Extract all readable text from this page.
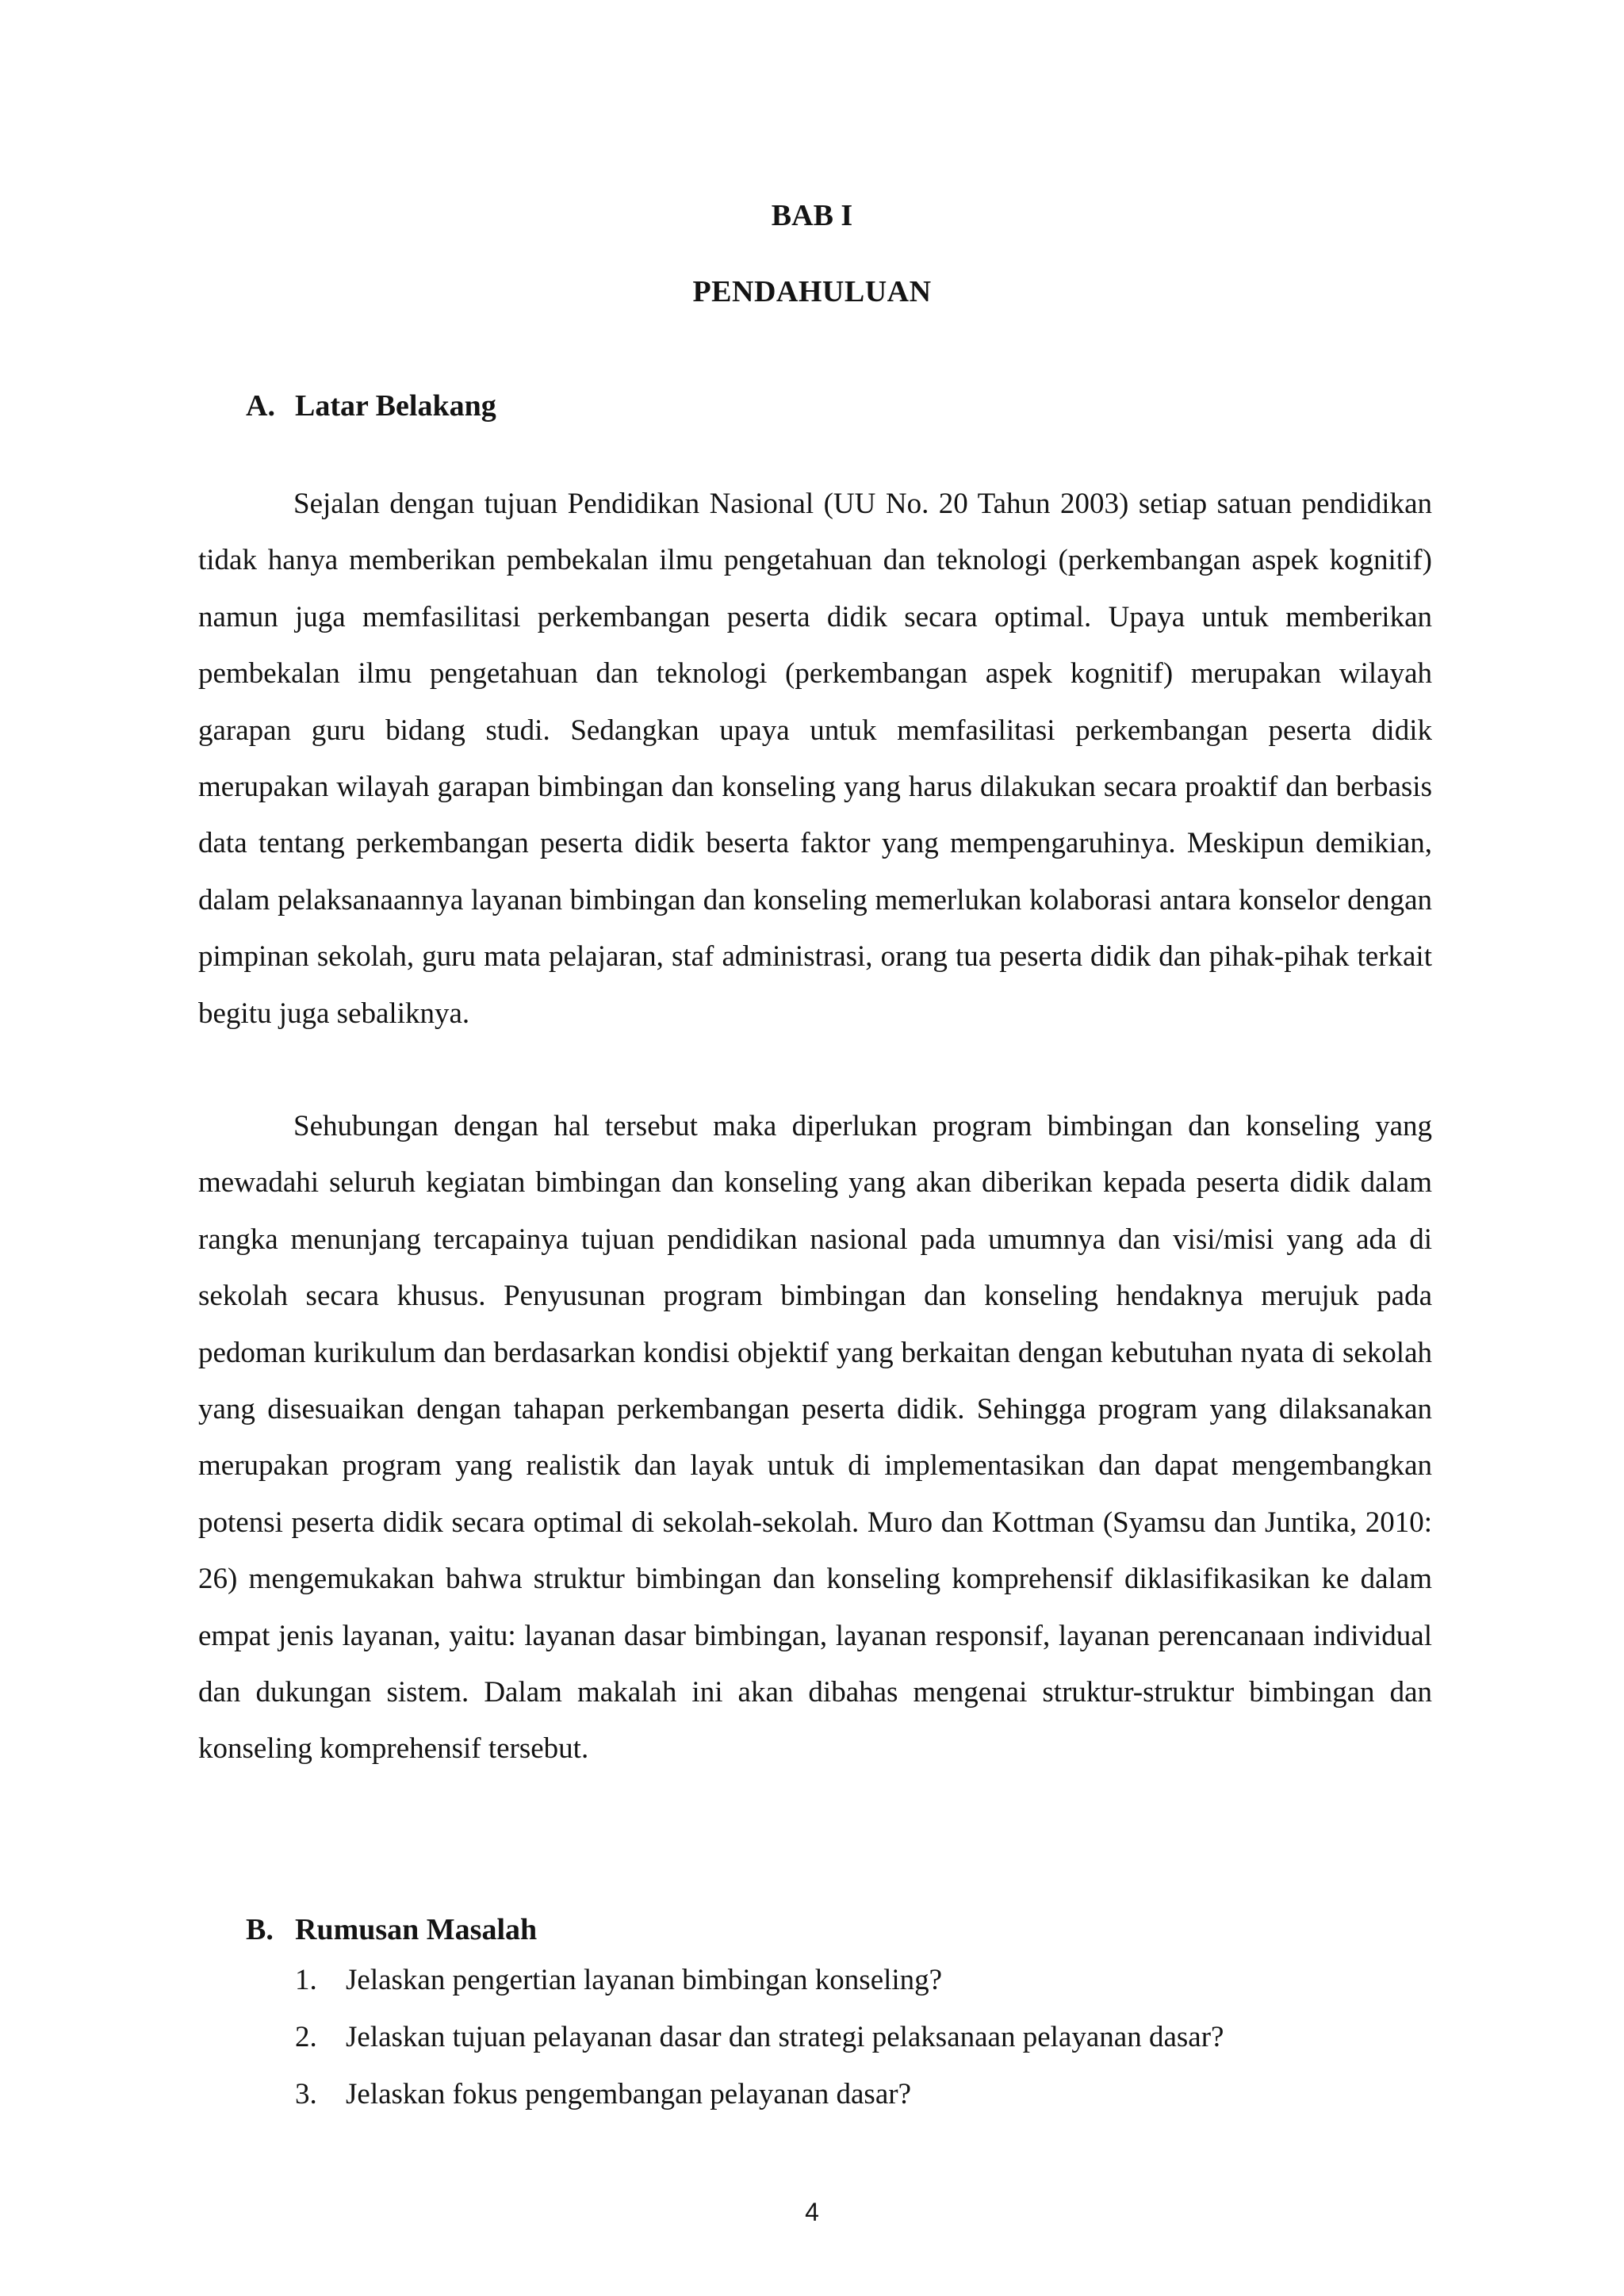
BAB I
PENDAHULUAN
A. Latar Belakang

Sejalan dengan tujuan Pendidikan Nasional (UU No. 20 Tahun 2003) setiap satuan pendidikan tidak hanya memberikan pembekalan ilmu pengetahuan dan teknologi (perkembangan aspek kognitif) namun juga memfasilitasi perkembangan peserta didik secara optimal. Upaya untuk memberikan pembekalan ilmu pengetahuan dan teknologi (perkembangan aspek kognitif) merupakan wilayah garapan guru bidang studi. Sedangkan upaya untuk memfasilitasi perkembangan peserta didik merupakan wilayah garapan bimbingan dan konseling yang harus dilakukan secara proaktif dan berbasis data tentang perkembangan peserta didik beserta faktor yang mempengaruhinya. Meskipun demikian, dalam pelaksanaannya layanan bimbingan dan konseling memerlukan kolaborasi antara konselor dengan pimpinan sekolah, guru mata pelajaran, staf administrasi, orang tua peserta didik dan pihak-pihak terkait begitu juga sebaliknya.

Sehubungan dengan hal tersebut maka diperlukan program bimbingan dan konseling yang mewadahi seluruh kegiatan bimbingan dan konseling yang akan diberikan kepada peserta didik dalam rangka menunjang tercapainya tujuan pendidikan nasional pada umumnya dan visi/misi yang ada di sekolah secara khusus. Penyusunan program bimbingan dan konseling hendaknya merujuk pada pedoman kurikulum dan berdasarkan kondisi objektif yang berkaitan dengan kebutuhan nyata di sekolah yang disesuaikan dengan tahapan perkembangan peserta didik. Sehingga program yang dilaksanakan merupakan program yang realistik dan layak untuk di implementasikan dan dapat mengembangkan potensi peserta didik secara optimal di sekolah-sekolah. Muro dan Kottman (Syamsu dan Juntika, 2010: 26) mengemukakan bahwa struktur bimbingan dan konseling komprehensif diklasifikasikan ke dalam empat jenis layanan, yaitu: layanan dasar bimbingan, layanan responsif, layanan perencanaan individual dan dukungan sistem. Dalam makalah ini akan dibahas mengenai struktur-struktur bimbingan dan konseling komprehensif tersebut.

B. Rumusan Masalah
1. Jelaskan pengertian layanan bimbingan konseling?
2. Jelaskan tujuan pelayanan dasar dan strategi pelaksanaan pelayanan dasar?
3. Jelaskan fokus pengembangan pelayanan dasar?
4
